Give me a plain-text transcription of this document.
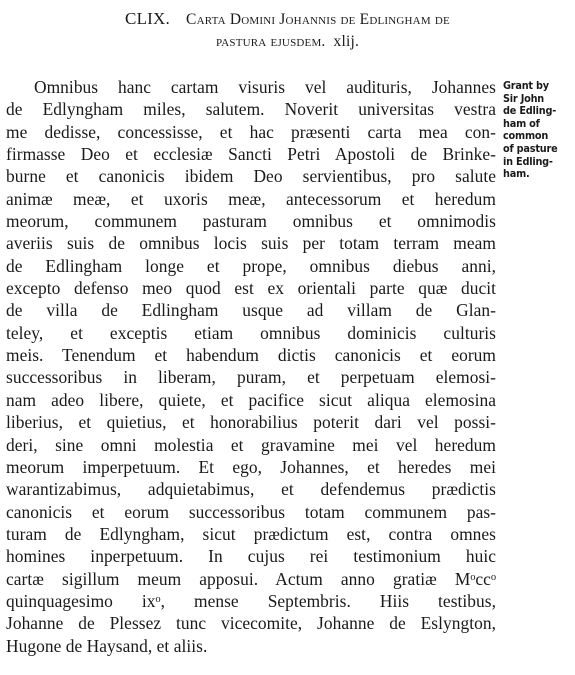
CLIX. Carta Domini Johannis de Edlingham de
pastura ejusdem. xlij.
Omnibus hanc cartam visuris vel audituris, Johannes
de Edlyngham miles, salutem. Noverit universitas vestra
me dedisse, concessisse, et hac præsenti carta mea con-
firmasse Deo et ecclesiæ Sancti Petri Apostoli de Brinke-
burne et canonicis ibidem Deo servientibus, pro salute
animæ meæ, et uxoris meæ, antecessorum et heredum
meorum, communem pasturam omnibus et omnimodis
averiis suis de omnibus locis suis per totam terram meam
de Edlingham longe et prope, omnibus diebus anni,
excepto defenso meo quod est ex orientali parte quæ ducit
de villa de Edlingham usque ad villam de Glan-
teley, et exceptis etiam omnibus dominicis culturis
meis. Tenendum et habendum dictis canonicis et eorum
successoribus in liberam, puram, et perpetuam elemosi-
nam adeo libere, quiete, et pacifice sicut aliqua elemosina
liberius, et quietius, et honorabilius poterit dari vel possi-
deri, sine omni molestia et gravamine mei vel heredum
meorum imperpetuum. Et ego, Johannes, et heredes mei
warantizabimus, adquietabimus, et defendemus prædictis
canonicis et eorum successoribus totam communem pas-
turam de Edlyngham, sicut prædictum est, contra omnes
homines inperpetuum. In cujus rei testimonium huic
cartæ sigillum meum apposui. Actum anno gratiæ Mᵒccᵒ
quinquagesimo ixᵒ, mense Septembris. Hiis testibus,
Johanne de Plessez tunc vicecomite, Johanne de Eslyngton,
Hugone de Haysand, et aliis.
Grant by
Sir John
de Edling-
ham of
common
of pasture
in Edling-
ham.
